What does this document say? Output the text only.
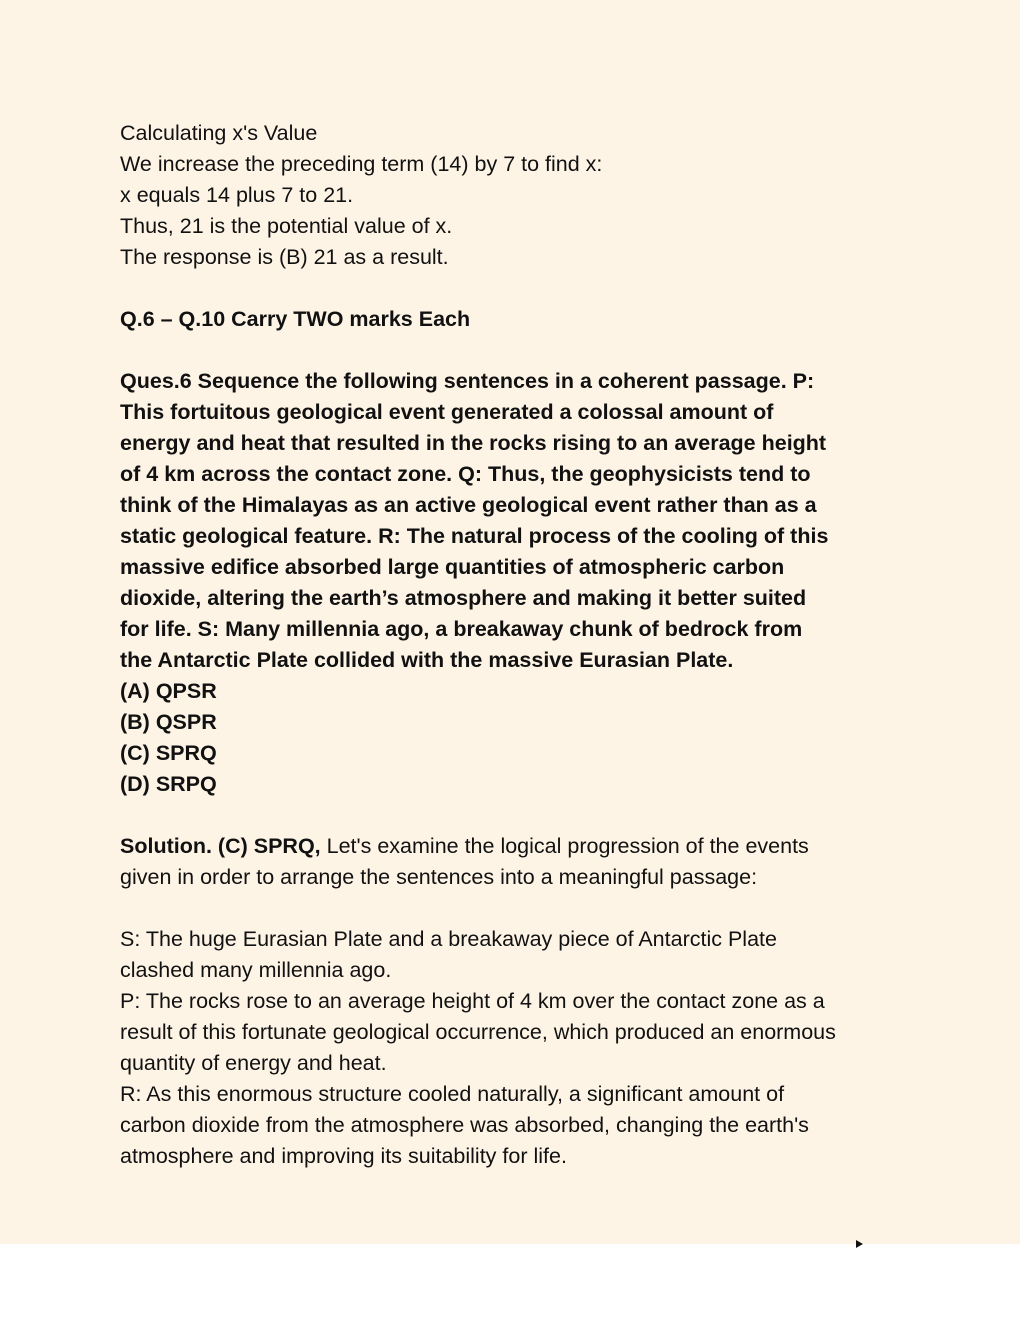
Calculating x's Value
We increase the preceding term (14) by 7 to find x:
x equals 14 plus 7 to 21.
Thus, 21 is the potential value of x.
The response is (B) 21 as a result.
Q.6 – Q.10 Carry TWO marks Each
Ques.6 Sequence the following sentences in a coherent passage. P:
This fortuitous geological event generated a colossal amount of
energy and heat that resulted in the rocks rising to an average height
of 4 km across the contact zone. Q: Thus, the geophysicists tend to
think of the Himalayas as an active geological event rather than as a
static geological feature. R: The natural process of the cooling of this
massive edifice absorbed large quantities of atmospheric carbon
dioxide, altering the earth’s atmosphere and making it better suited
for life. S: Many millennia ago, a breakaway chunk of bedrock from
the Antarctic Plate collided with the massive Eurasian Plate.
(A) QPSR
(B) QSPR
(C) SPRQ
(D) SRPQ
Solution. (C) SPRQ, Let's examine the logical progression of the events
given in order to arrange the sentences into a meaningful passage:
S: The huge Eurasian Plate and a breakaway piece of Antarctic Plate
clashed many millennia ago.
P: The rocks rose to an average height of 4 km over the contact zone as a
result of this fortunate geological occurrence, which produced an enormous
quantity of energy and heat.
R: As this enormous structure cooled naturally, a significant amount of
carbon dioxide from the atmosphere was absorbed, changing the earth's
atmosphere and improving its suitability for life.
